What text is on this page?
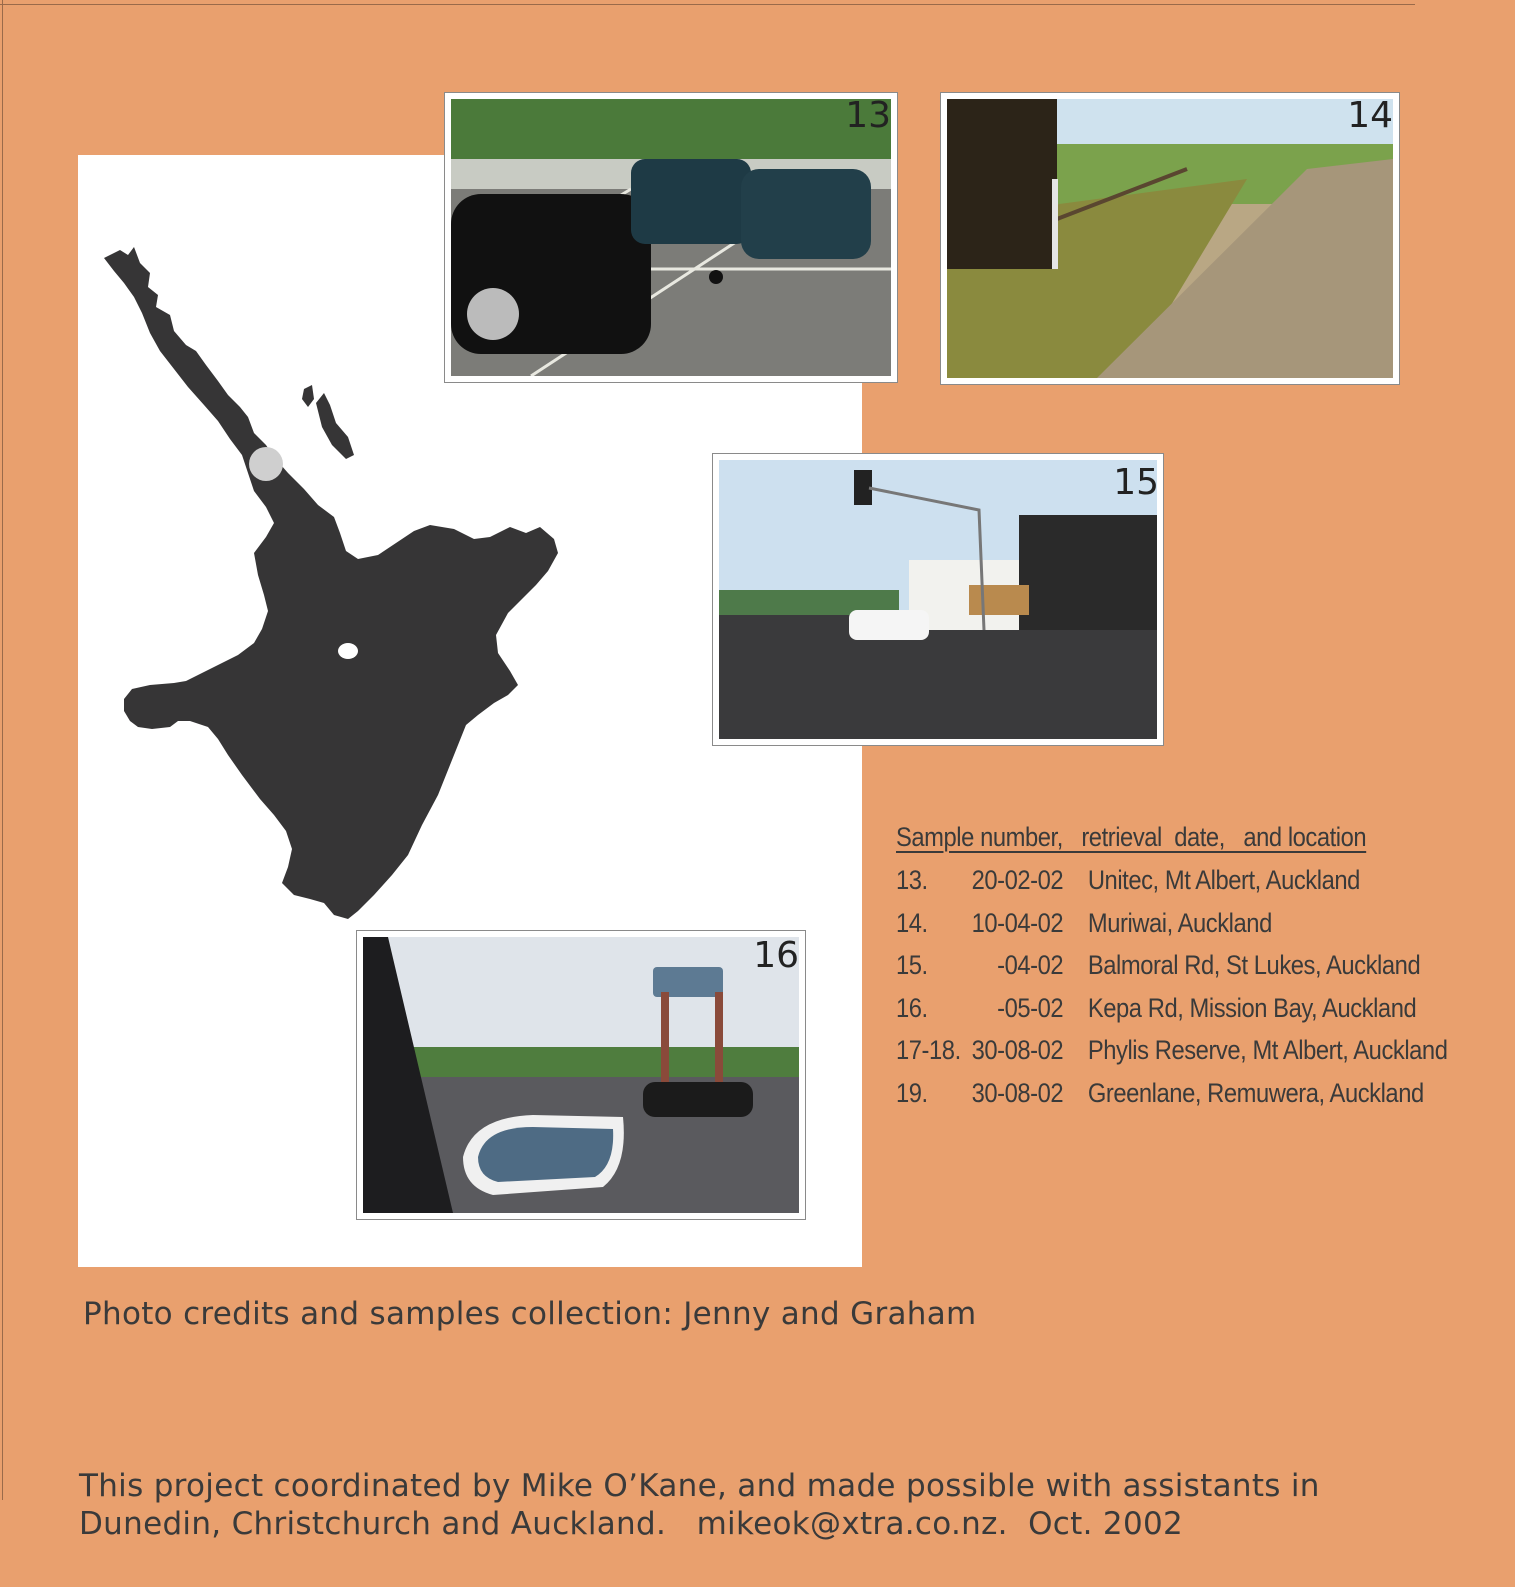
13	14
15
16
Sample number,   retrieval  date,   and location
13.	20-02-02 Unitec, Mt Albert, Auckland
14.	10-04-02 Muriwai, Auckland
15.	-04-02 Balmoral Rd, St Lukes, Auckland
16.	-05-02 Kepa Rd, Mission Bay, Auckland
17-18. 30-08-02 Phylis Reserve, Mt Albert, Auckland
19.	30-08-02 Greenlane, Remuwera, Auckland
Photo credits and samples collection: Jenny and Graham
This project coordinated by Mike O’Kane, and made possible with assistants in
Dunedin, Christchurch and Auckland.   mikeok@xtra.co.nz.  Oct. 2002
